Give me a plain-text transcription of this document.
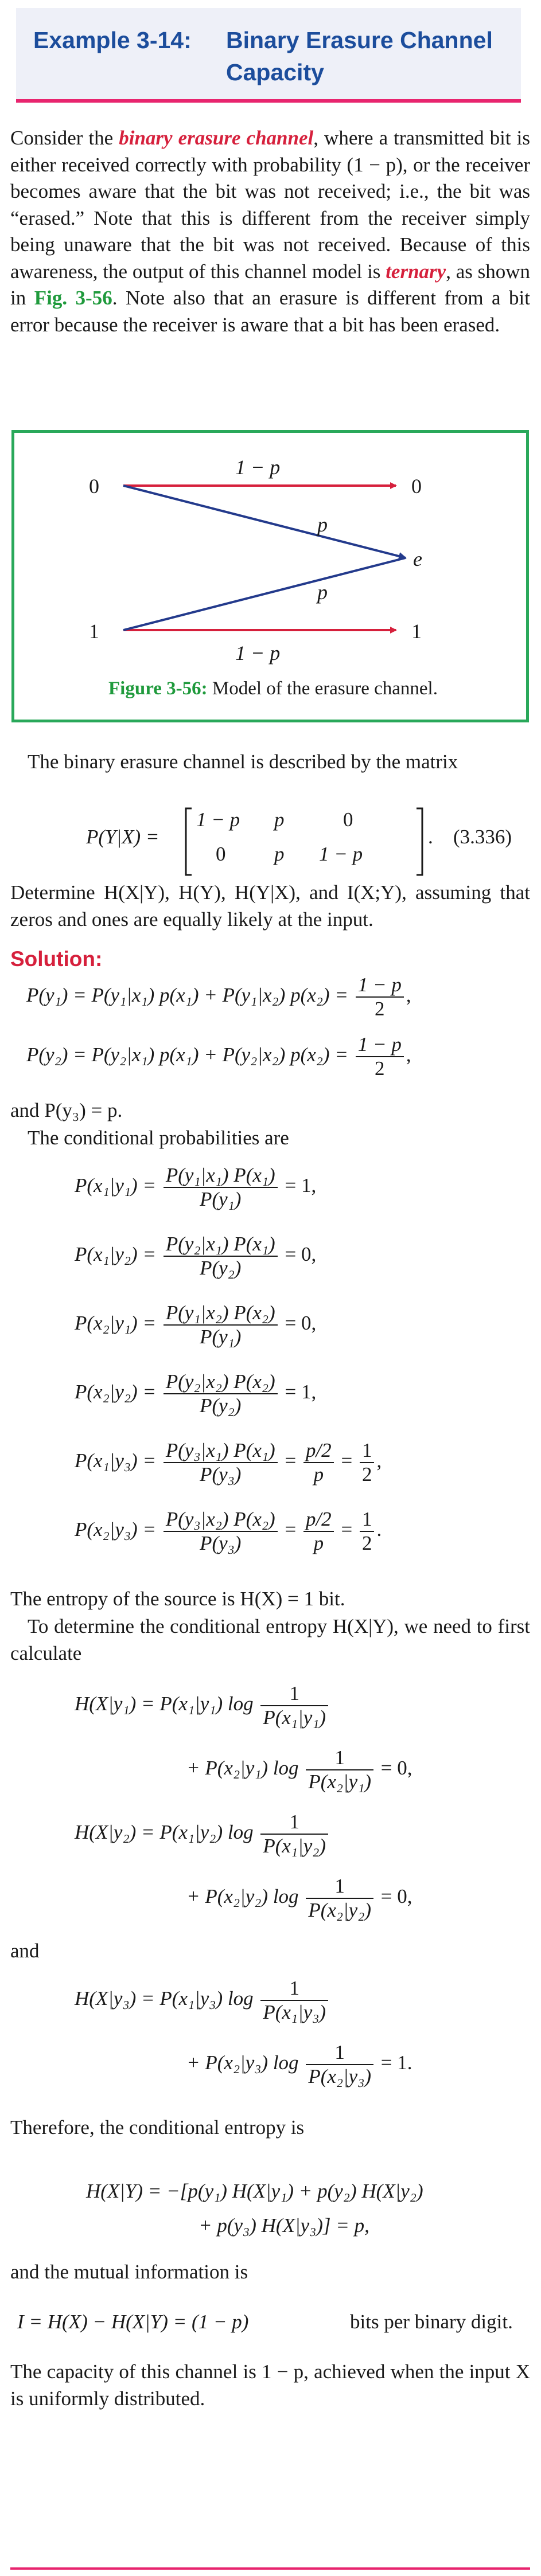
Example 3-14: Binary Erasure Channel
Capacity
Consider the binary erasure channel, where a transmitted bit is either received correctly with probability (1 − p), or the receiver becomes aware that the bit was not received; i.e., the bit was “erased.” Note that this is different from the receiver simply being unaware that the bit was not received. Because of this awareness, the output of this channel model is ternary, as shown in Fig. 3-56. Note also that an erasure is different from a bit error because the receiver is aware that a bit has been erased.
0
1
0
e
1
1 − p
p
p
1 − p
Figure 3-56: Model of the erasure channel.
The binary erasure channel is described by the matrix
P(Y|X) =
1 − p p	0
0 p 1 − p
. (3.336)
Determine H(X|Y), H(Y), H(Y|X), and I(X;Y), assuming that zeros and ones are equally likely at the input.
Solution:
P(y₁) = P(y₁|x₁) p(x₁) + P(y₁|x₂) $p(x_2) = \frac{1 - p}{2}$ ,
P(y₂) = P(y₂|x₁) p(x₁) + P(y₂|x₂) $p(x_2) = \frac{1 - p}{2}$ ,
and P(y₃) = p.
The conditional probabilities are
$P(x_1|y_1) = \frac{\text{P(y₁|x₁) P(x₁)}}{\text{P(y₁)}} = 1$,
$P(x_1|y_2) = \frac{\text{P(y₂|x₁) P(x₁)}}{\text{P(y₂)}} = 0$,
$P(x_2|y_1) = \frac{\text{P(y₁|x₂) P(x₂)}}{\text{P(y₁)}} = 0$,
$P(x_2|y_2) = \frac{\text{P(y₂|x₂) P(x₂)}}{\text{P(y₂)}} = 1$,
$P(x_1|y_3) = \frac{\text{P(y₃|x₁) P(x₁)}}{\text{P(y₃)}} = \frac{p/2}{p} = \frac{1}{2}$ ,
$P(x_2|y_3) = \frac{\text{P(y₃|x₂) P(x₂)}}{\text{P(y₃)}} = \frac{p/2}{p} = \frac{1}{2}$ .
The entropy of the source is H(X) = 1 bit.
To determine the conditional entropy H(X|Y), we need to first calculate
H(X|y₁) = P(x₁|y₁) $\log \frac{1}{\text{P(x₁|y₁)}}$
+ P(x₂|y₁) $\log \frac{1}{\text{P(x₂|y₁)}} = 0$,
H(X|y₂) = P(x₁|y₂) $\log \frac{1}{\text{P(x₁|y₂)}}$
+ P(x₂|y₂) $\log \frac{1}{\text{P(x₂|y₂)}} = 0$,
and
H(X|y₃) = P(x₁|y₃) $\log \frac{1}{\text{P(x₁|y₃)}}$
+ P(x₂|y₃) $\log \frac{1}{\text{P(x₂|y₃)}} = 1$.
Therefore, the conditional entropy is
H(X|Y) = −[p(y₁) H(X|y₁) + p(y₂) H(X|y₂)
+ p(y₃) H(X|y₃)] = p,
and the mutual information is
I = H(X) − H(X|Y) = (1 − p)	bits per binary digit.
The capacity of this channel is 1 − p, achieved when the input X is uniformly distributed.
